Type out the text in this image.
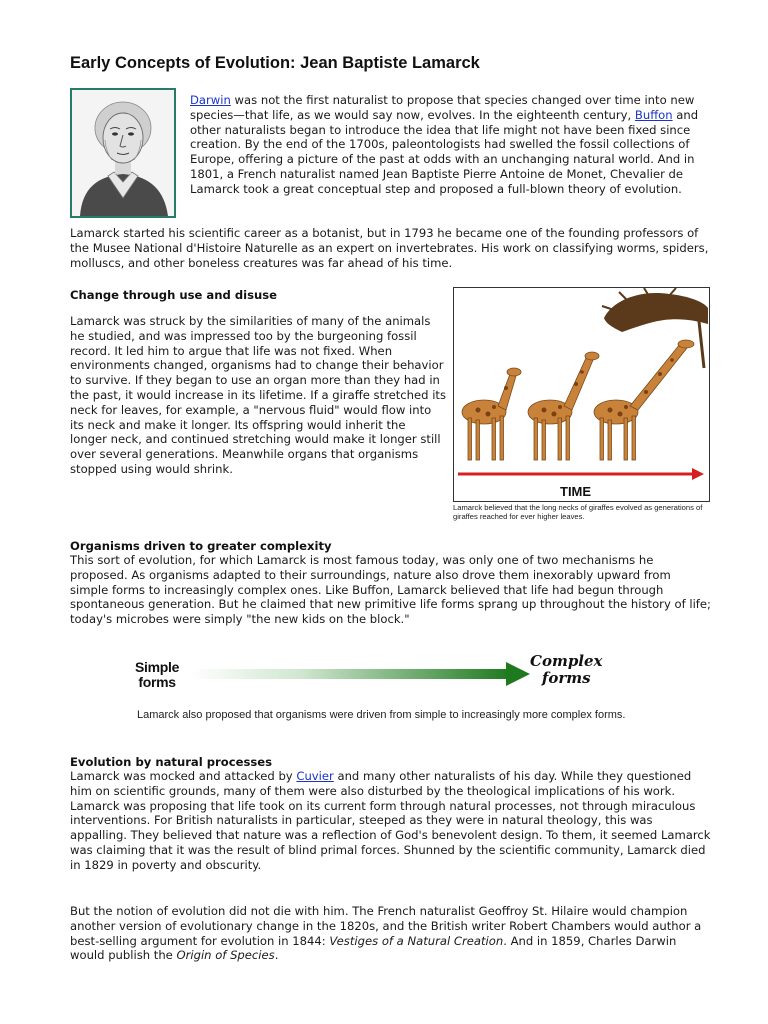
Early Concepts of Evolution: Jean Baptiste Lamarck

Darwin was not the first naturalist to propose that species changed over time into new species—that life, as we would say now, evolves. In the eighteenth century, Buffon and other naturalists began to introduce the idea that life might not have been fixed since creation. By the end of the 1700s, paleontologists had swelled the fossil collections of Europe, offering a picture of the past at odds with an unchanging natural world. And in 1801, a French naturalist named Jean Baptiste Pierre Antoine de Monet, Chevalier de Lamarck took a great conceptual step and proposed a full-blown theory of evolution.

Lamarck started his scientific career as a botanist, but in 1793 he became one of the founding professors of the Musee National d'Histoire Naturelle as an expert on invertebrates. His work on classifying worms, spiders, molluscs, and other boneless creatures was far ahead of his time.

Change through use and disuse

Lamarck was struck by the similarities of many of the animals he studied, and was impressed too by the burgeoning fossil record. It led him to argue that life was not fixed. When environments changed, organisms had to change their behavior to survive. If they began to use an organ more than they had in the past, it would increase in its lifetime. If a giraffe stretched its neck for leaves, for example, a "nervous fluid" would flow into its neck and make it longer. Its offspring would inherit the longer neck, and continued stretching would make it longer still over several generations. Meanwhile organs that organisms stopped using would shrink.

TIME

Lamarck believed that the long necks of giraffes evolved as generations of giraffes reached for ever higher leaves.

Organisms driven to greater complexity

This sort of evolution, for which Lamarck is most famous today, was only one of two mechanisms he proposed. As organisms adapted to their surroundings, nature also drove them inexorably upward from simple forms to increasingly complex ones. Like Buffon, Lamarck believed that life had begun through spontaneous generation. But he claimed that new primitive life forms sprang up throughout the history of life; today's microbes were simply "the new kids on the block."

Simple
forms
Complex
forms

Lamarck also proposed that organisms were driven from simple to increasingly more complex forms.

Evolution by natural processes

Lamarck was mocked and attacked by Cuvier and many other naturalists of his day. While they questioned him on scientific grounds, many of them were also disturbed by the theological implications of his work. Lamarck was proposing that life took on its current form through natural processes, not through miraculous interventions. For British naturalists in particular, steeped as they were in natural theology, this was appalling. They believed that nature was a reflection of God's benevolent design. To them, it seemed Lamarck was claiming that it was the result of blind primal forces. Shunned by the scientific community, Lamarck died in 1829 in poverty and obscurity.

But the notion of evolution did not die with him. The French naturalist Geoffroy St. Hilaire would champion another version of evolutionary change in the 1820s, and the British writer Robert Chambers would author a best-selling argument for evolution in 1844: Vestiges of a Natural Creation. And in 1859, Charles Darwin would publish the Origin of Species.
